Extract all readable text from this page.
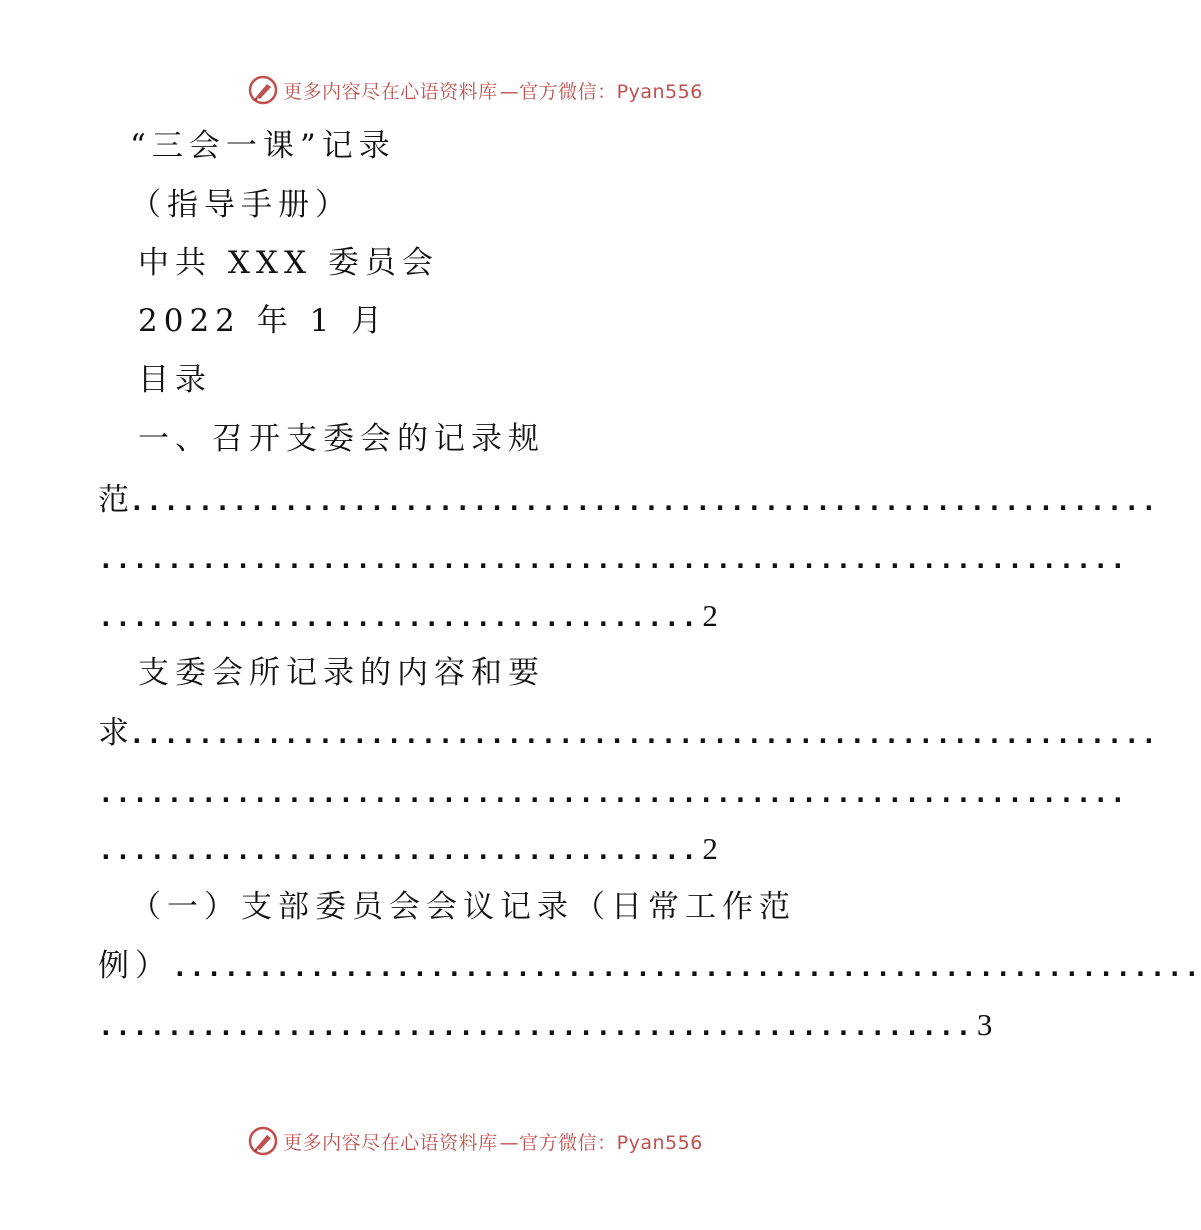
更多内容尽在心语资料库 —官方微信：Pyan556
“三会一课”记录
（指导手册）
中共 XXX 委员会
2022 年 1 月
目录
一、召开支委会的记录规
范............................................................
............................................................
................................... 2
支委会所记录的内容和要
求............................................................
............................................................
................................... 2
（一）支部委员会会议记录（日常工作范
例）............................................................
................................................... 3
更多内容尽在心语资料库 —官方微信：Pyan556
